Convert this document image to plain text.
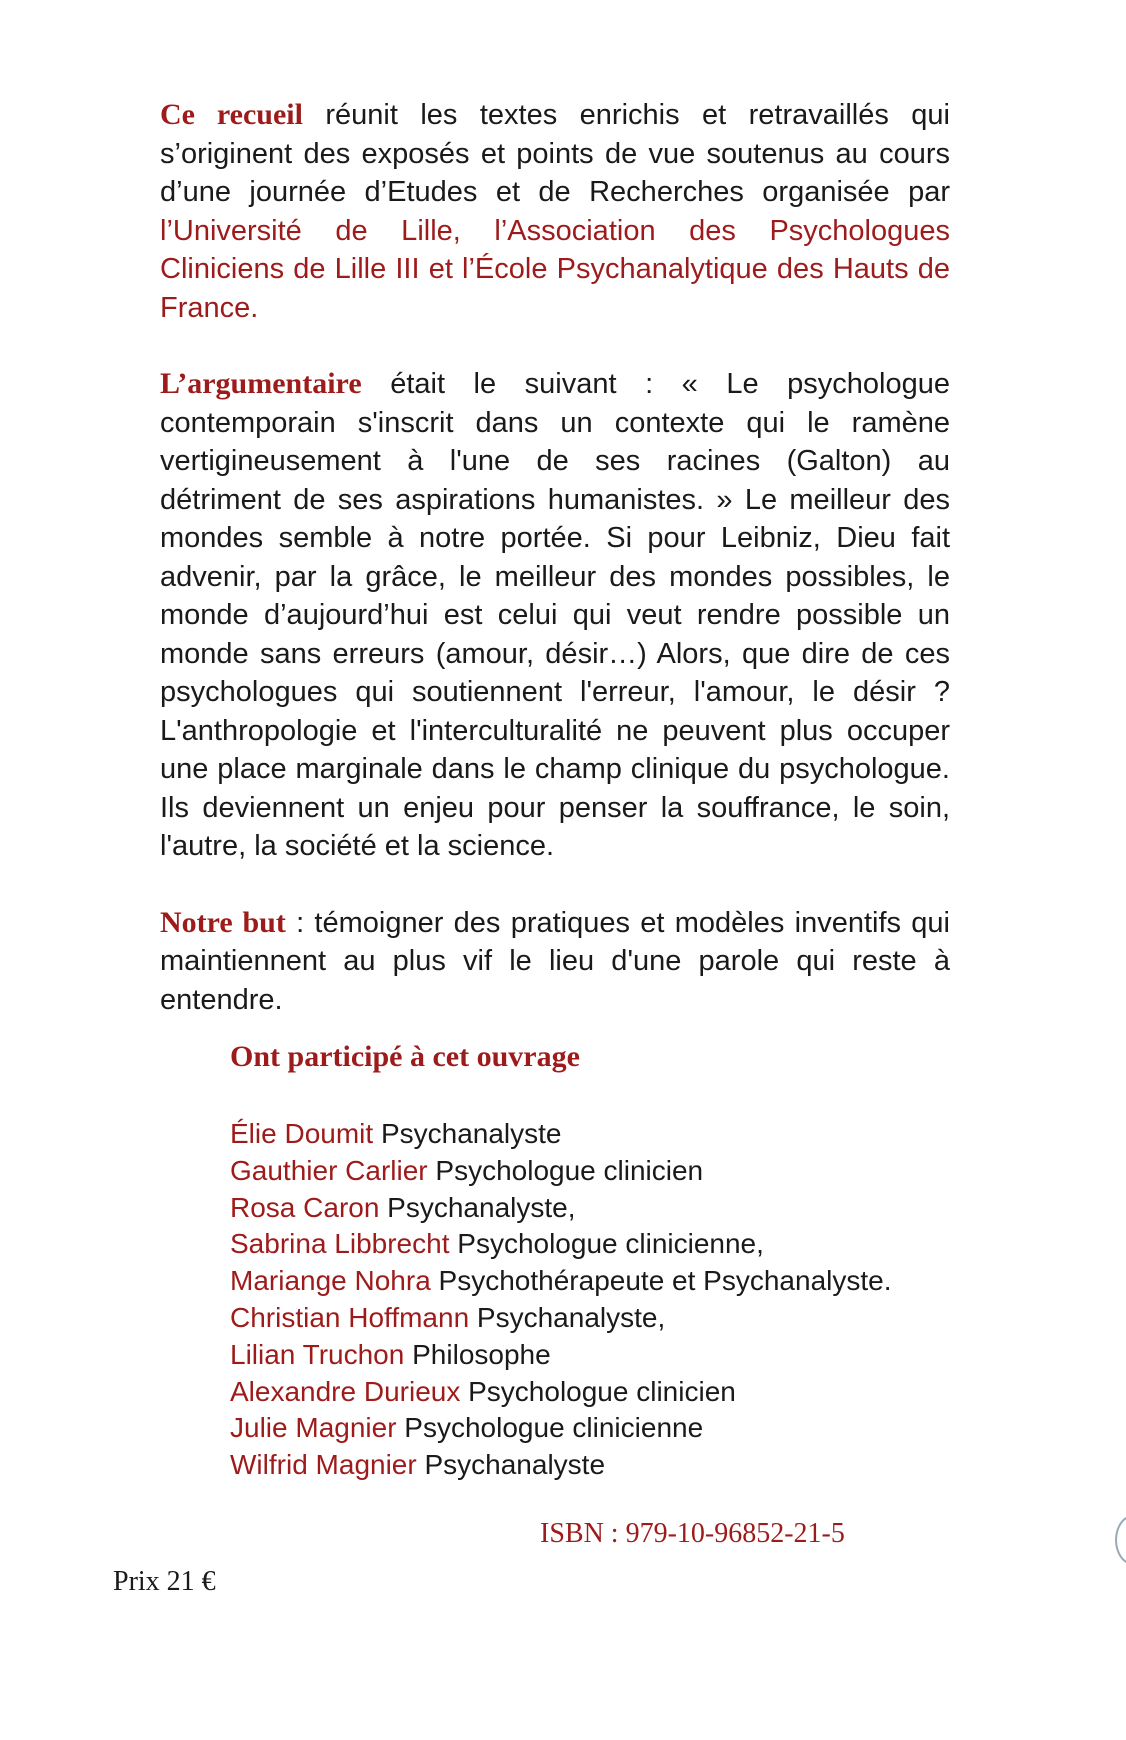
Ce recueil réunit les textes enrichis et retravaillés qui s’originent des exposés et points de vue soutenus au cours d’une journée d’Etudes et de Recherches organisée par l’Université de Lille, l’Association des Psychologues Cliniciens de Lille III et l’École Psychanalytique des Hauts de France.

L’argumentaire était le suivant : « Le psychologue contemporain s'inscrit dans un contexte qui le ramène vertigineusement à l'une de ses racines (Galton) au détriment de ses aspirations humanistes. » Le meilleur des mondes semble à notre portée. Si pour Leibniz, Dieu fait advenir, par la grâce, le meilleur des mondes possibles, le monde d’aujourd’hui est celui qui veut rendre possible un monde sans erreurs (amour, désir…) Alors, que dire de ces psychologues qui soutiennent l'erreur, l'amour, le désir ? L'anthropologie et l'interculturalité ne peuvent plus occuper une place marginale dans le champ clinique du psychologue. Ils deviennent un enjeu pour penser la souffrance, le soin, l'autre, la société et la science.

Notre but : témoigner des pratiques et modèles inventifs qui maintiennent au plus vif le lieu d'une parole qui reste à entendre.

Ont participé à cet ouvrage
Élie Doumit Psychanalyste
Gauthier Carlier Psychologue clinicien
Rosa Caron Psychanalyste,
Sabrina Libbrecht Psychologue clinicienne,
Mariange Nohra Psychothérapeute et Psychanalyste.
Christian Hoffmann Psychanalyste,
Lilian Truchon Philosophe
Alexandre Durieux Psychologue clinicien
Julie Magnier Psychologue clinicienne
Wilfrid Magnier Psychanalyste
ISBN : 979-10-96852-21-5
Prix 21 €
